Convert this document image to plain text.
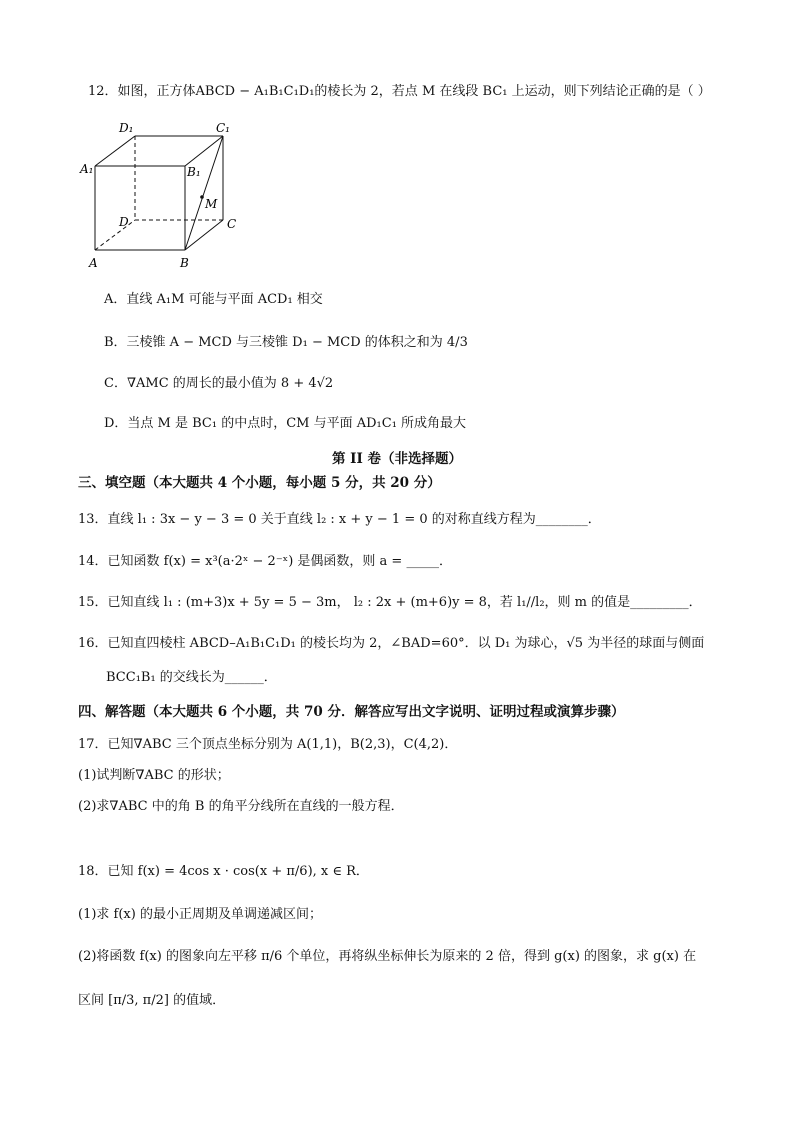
12．如图，正方体ABCD − A₁B₁C₁D₁的棱长为 2，若点 M 在线段 BC₁ 上运动，则下列结论正确的是（ ）
D₁	C₁
A₁	B₁
D	C
A	B
M
A．直线 A₁M 可能与平面 ACD₁ 相交
B．三棱锥 A − MCD 与三棱锥 D₁ − MCD 的体积之和为 4/3
C．∇AMC 的周长的最小值为 8 + 4√2
D．当点 M 是 BC₁ 的中点时，CM 与平面 AD₁C₁ 所成角最大
第 II 卷（非选择题）
三、填空题（本大题共 4 个小题，每小题 5 分，共 20 分）
13．直线 l₁ : 3x − y − 3 = 0 关于直线 l₂ : x + y − 1 = 0 的对称直线方程为________．
14．已知函数 f(x) = x³(a·2ˣ − 2⁻ˣ) 是偶函数，则 a = _____．
15．已知直线 l₁ : (m+3)x + 5y = 5 − 3m， l₂ : 2x + (m+6)y = 8，若 l₁//l₂，则 m 的值是_________．
16．已知直四棱柱 ABCD–A₁B₁C₁D₁ 的棱长均为 2，∠BAD=60°．以 D₁ 为球心，√5 为半径的球面与侧面
BCC₁B₁ 的交线长为______．
四、解答题（本大题共 6 个小题，共 70 分．解答应写出文字说明、证明过程或演算步骤）
17．已知∇ABC 三个顶点坐标分别为 A(1,1)，B(2,3)，C(4,2)．
(1)试判断∇ABC 的形状；
(2)求∇ABC 中的角 B 的角平分线所在直线的一般方程．
18．已知 f(x) = 4cos x · cos(x + π/6), x ∈ R．
(1)求 f(x) 的最小正周期及单调递减区间；
(2)将函数 f(x) 的图象向左平移 π/6 个单位，再将纵坐标伸长为原来的 2 倍，得到 g(x) 的图象，求 g(x) 在
区间 [π/3, π/2] 的值域．
